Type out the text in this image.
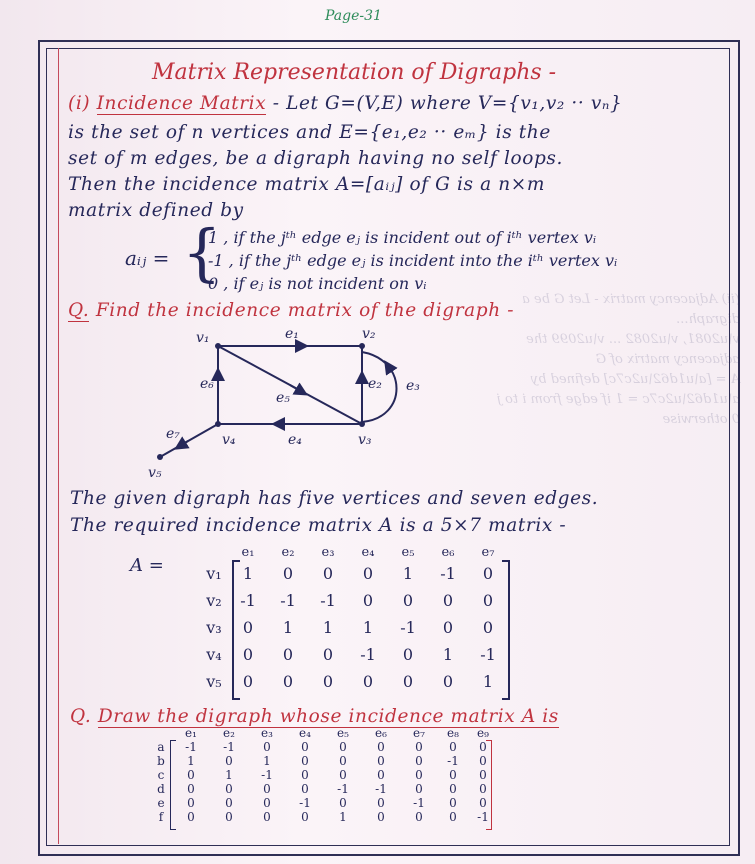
(ii) Adjacency matrix - Let G be a digraph...
v\u2081, v\u2082 ... v\u2099 the adjacency matrix of G
A = [a\u1d62\u2c7c] defined by
a\u1d62\u2c7c = 1 if edge from i to j
0 otherwise
Page-31
Matrix Representation of Digraphs -
(i) Incidence Matrix - Let G=(V,E) where V={v₁,v₂ ·· vₙ}
is the set of n vertices and E={e₁,e₂ ·· eₘ} is the
set of m edges, be a digraph having no self loops.
Then the incidence matrix A=[aᵢⱼ] of G is a n×m
matrix defined by
aᵢⱼ = {
1 , if the jᵗʰ edge eⱼ is incident out of iᵗʰ vertex vᵢ
-1 , if the jᵗʰ edge eⱼ is incident into the iᵗʰ vertex vᵢ
0 , if eⱼ is not incident on vᵢ
Q. Find the incidence matrix of the digraph -
v₁	v₂
v₃
v₄
v₅
e₁
e₂ e₃
e₄
e₅
e₆
e₇
The given digraph has five vertices and seven edges.
The required incidence matrix A is a 5×7 matrix -
A =
	e₁	e₂	e₃	e₄	e₅	e₆	e₇
v₁	1	0	0	0	1	-1	0
v₂	-1	-1	-1	0	0	0	0
v₃	0	1	1	1	-1	0	0
v₄	0	0	0	-1	0	1	-1
v₅	0	0	0	0	0	0	1
Q. Draw the digraph whose incidence matrix A is
	e₁	e₂	e₃	e₄	e₅	e₆	e₇	e₈	e₉
a	-1	-1	0	0	0	0	0	0	0
b	1	0	1	0	0	0	0	-1	0
c	0	1	-1	0	0	0	0	0	0
d	0	0	0	0	-1	-1	0	0	0
e	0	0	0	-1	0	0	-1	0	0
f	0	0	0	0	1	0	0	0	-1
